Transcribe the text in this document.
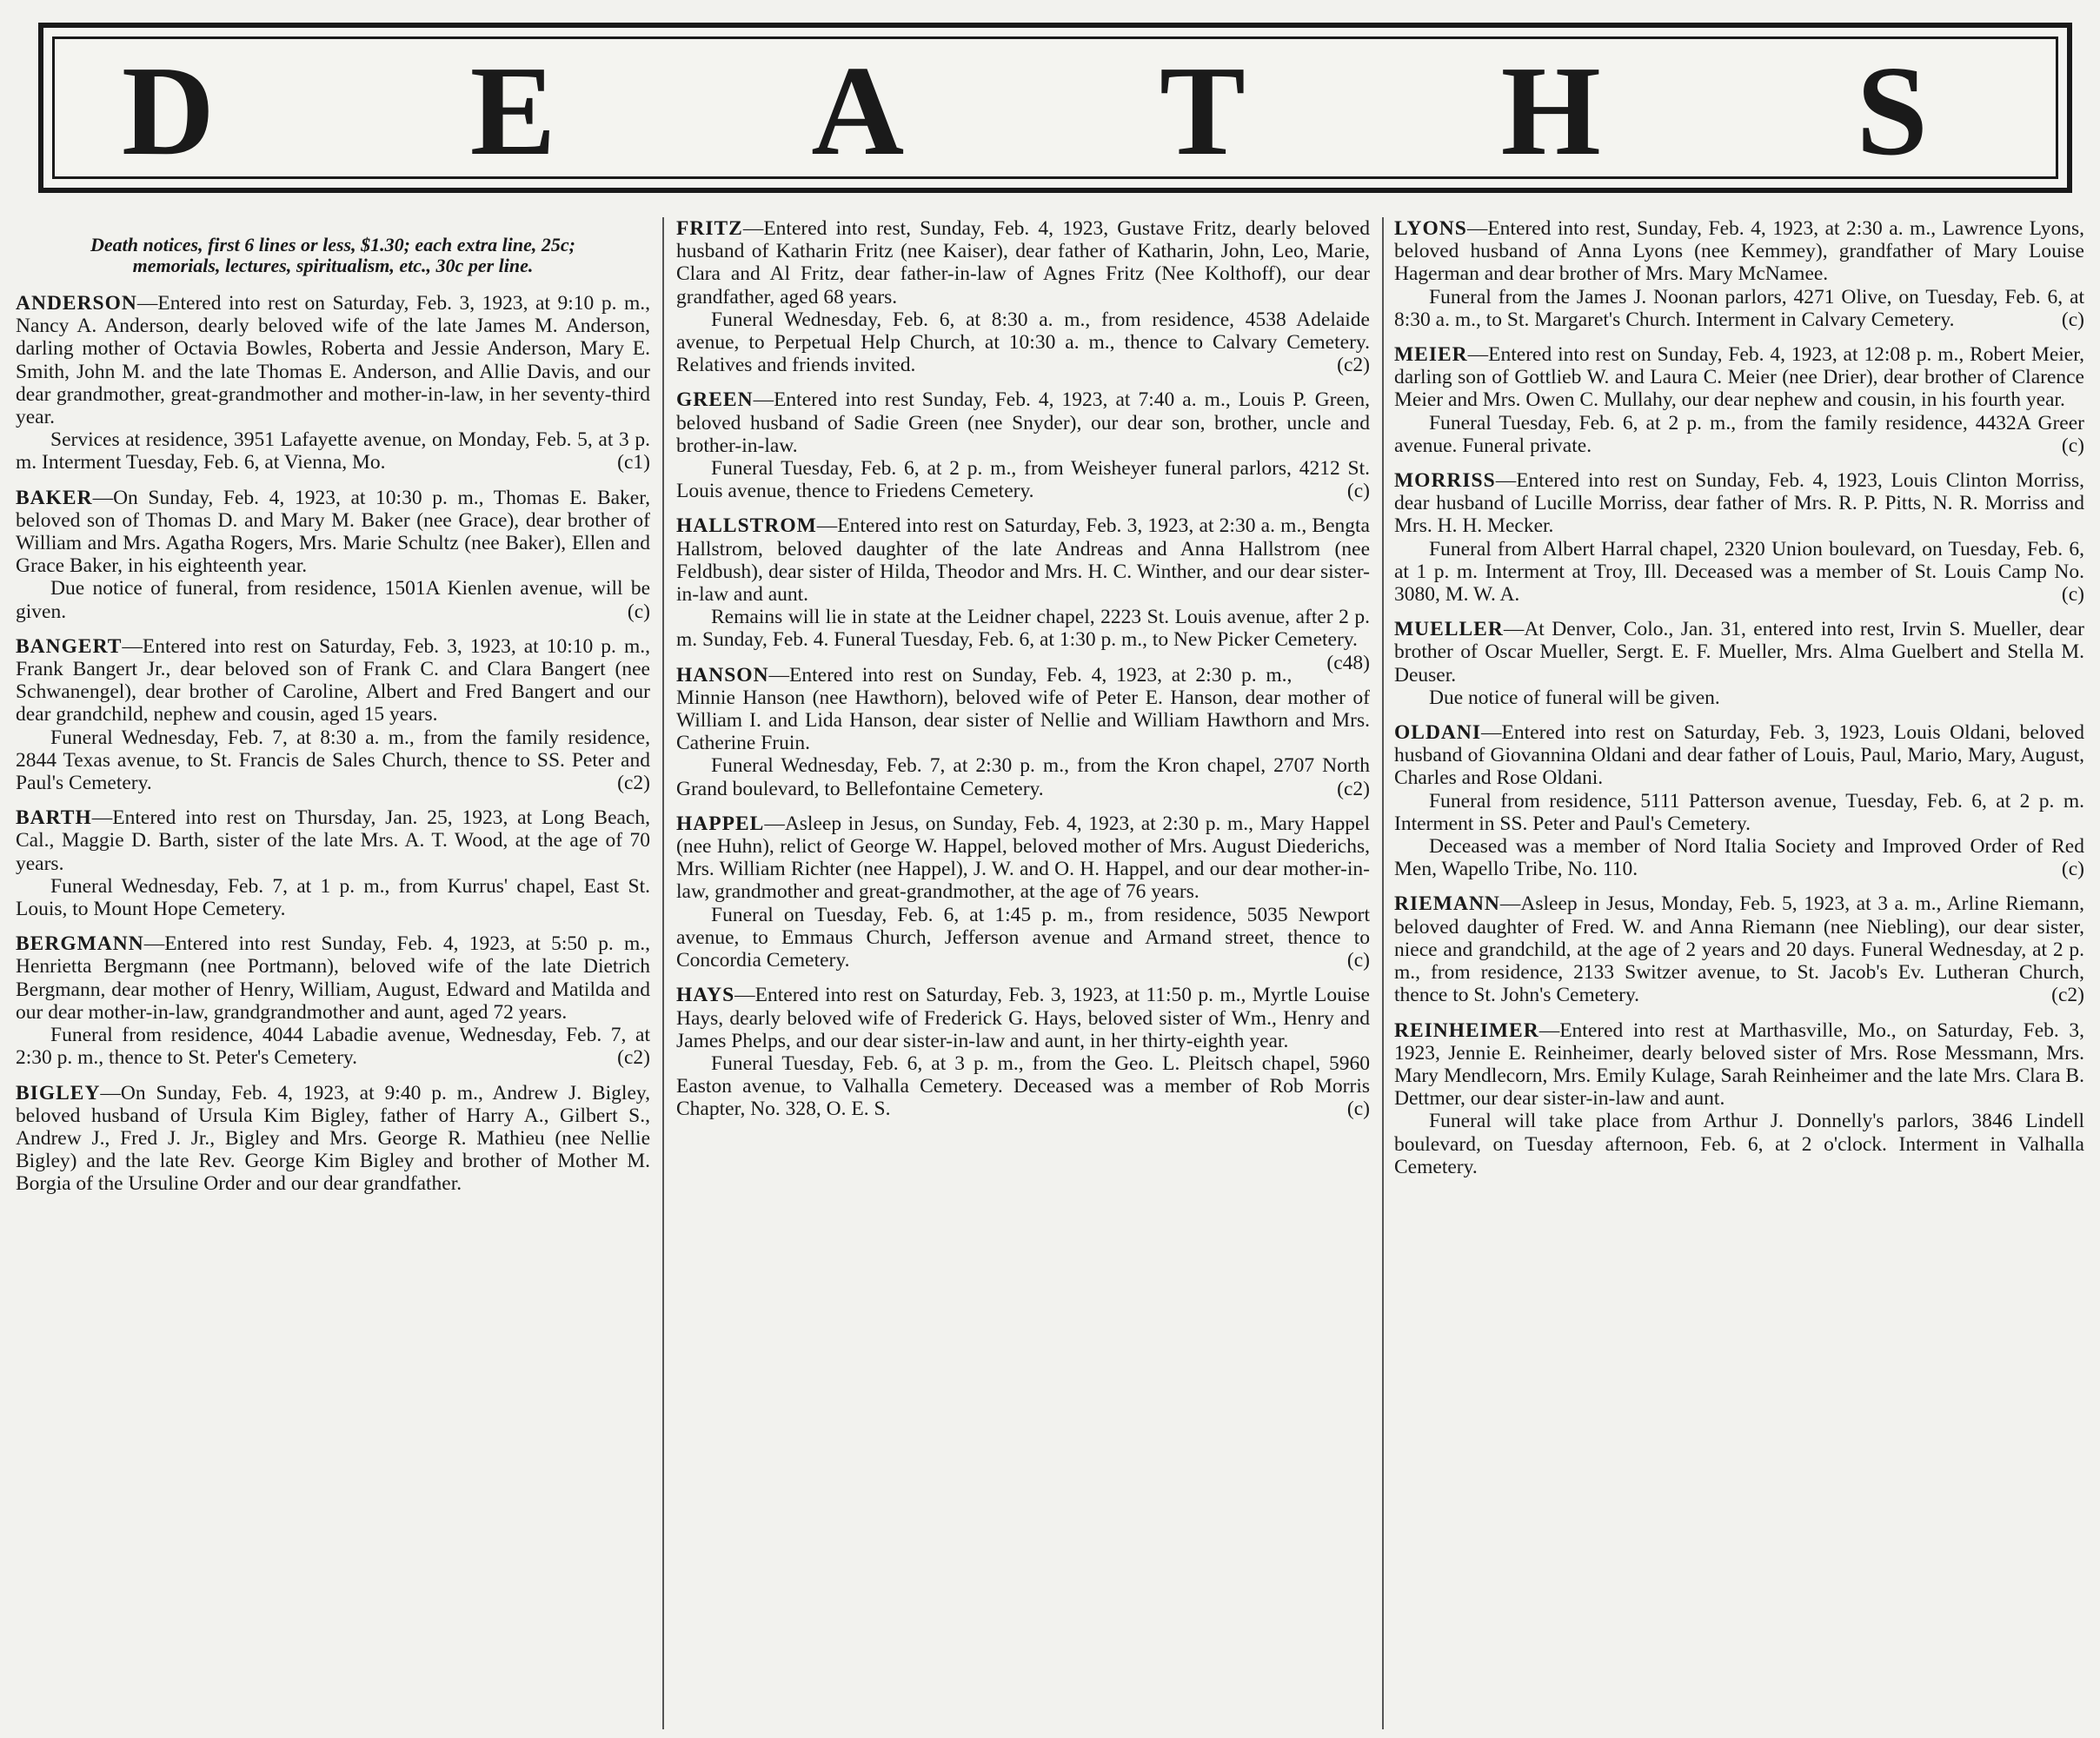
D E A T H S

Death notices, first 6 lines or less, $1.30; each extra line, 25c; memorials, lectures, spiritualism, etc., 30c per line.

ANDERSON—Entered into rest on Saturday, Feb. 3, 1923, at 9:10 p. m., Nancy A. Anderson, dearly beloved wife of the late James M. Anderson, darling mother of Octavia Bowles, Roberta and Jessie Anderson, Mary E. Smith, John M. and the late Thomas E. Anderson, and Allie Davis, and our dear grandmother, great-grandmother and mother-in-law, in her seventy-third year.

Services at residence, 3951 Lafayette avenue, on Monday, Feb. 5, at 3 p. m. Interment Tuesday, Feb. 6, at Vienna, Mo.	(c1)

BAKER—On Sunday, Feb. 4, 1923, at 10:30 p. m., Thomas E. Baker, beloved son of Thomas D. and Mary M. Baker (nee Grace), dear brother of William and Mrs. Agatha Rogers, Mrs. Marie Schultz (nee Baker), Ellen and Grace Baker, in his eighteenth year.

Due notice of funeral, from residence, 1501A Kienlen avenue, will be given.	(c)

BANGERT—Entered into rest on Saturday, Feb. 3, 1923, at 10:10 p. m., Frank Bangert Jr., dear beloved son of Frank C. and Clara Bangert (nee Schwanengel), dear brother of Caroline, Albert and Fred Bangert and our dear grandchild, nephew and cousin, aged 15 years.

Funeral Wednesday, Feb. 7, at 8:30 a. m., from the family residence, 2844 Texas avenue, to St. Francis de Sales Church, thence to SS. Peter and Paul's Cemetery.	(c2)

BARTH—Entered into rest on Thursday, Jan. 25, 1923, at Long Beach, Cal., Maggie D. Barth, sister of the late Mrs. A. T. Wood, at the age of 70 years.

Funeral Wednesday, Feb. 7, at 1 p. m., from Kurrus' chapel, East St. Louis, to Mount Hope Cemetery.

BERGMANN—Entered into rest Sunday, Feb. 4, 1923, at 5:50 p. m., Henrietta Bergmann (nee Portmann), beloved wife of the late Dietrich Bergmann, dear mother of Henry, William, August, Edward and Matilda and our dear mother-in-law, grandgrandmother and aunt, aged 72 years.

Funeral from residence, 4044 Labadie avenue, Wednesday, Feb. 7, at 2:30 p. m., thence to St. Peter's Cemetery.	(c2)

BIGLEY—On Sunday, Feb. 4, 1923, at 9:40 p. m., Andrew J. Bigley, beloved husband of Ursula Kim Bigley, father of Harry A., Gilbert S., Andrew J., Fred J. Jr., Bigley and Mrs. George R. Mathieu (nee Nellie Bigley) and the late Rev. George Kim Bigley and brother of Mother M. Borgia of the Ursuline Order and our dear grandfather.

FRITZ—Entered into rest, Sunday, Feb. 4, 1923, Gustave Fritz, dearly beloved husband of Katharin Fritz (nee Kaiser), dear father of Katharin, John, Leo, Marie, Clara and Al Fritz, dear father-in-law of Agnes Fritz (Nee Kolthoff), our dear grandfather, aged 68 years.

Funeral Wednesday, Feb. 6, at 8:30 a. m., from residence, 4538 Adelaide avenue, to Perpetual Help Church, at 10:30 a. m., thence to Calvary Cemetery. Relatives and friends invited.	(c2)

GREEN—Entered into rest Sunday, Feb. 4, 1923, at 7:40 a. m., Louis P. Green, beloved husband of Sadie Green (nee Snyder), our dear son, brother, uncle and brother-in-law.

Funeral Tuesday, Feb. 6, at 2 p. m., from Weisheyer funeral parlors, 4212 St. Louis avenue, thence to Friedens Cemetery.	(c)

HALLSTROM—Entered into rest on Saturday, Feb. 3, 1923, at 2:30 a. m., Bengta Hallstrom, beloved daughter of the late Andreas and Anna Hallstrom (nee Feldbush), dear sister of Hilda, Theodor and Mrs. H. C. Winther, and our dear sister-in-law and aunt.

Remains will lie in state at the Leidner chapel, 2223 St. Louis avenue, after 2 p. m. Sunday, Feb. 4. Funeral Tuesday, Feb. 6, at 1:30 p. m., to New Picker Cemetery.
(c48)

HANSON—Entered into rest on Sunday, Feb. 4, 1923, at 2:30 p. m., Minnie Hanson (nee Hawthorn), beloved wife of Peter E. Hanson, dear mother of William I. and Lida Hanson, dear sister of Nellie and William Hawthorn and Mrs. Catherine Fruin.

Funeral Wednesday, Feb. 7, at 2:30 p. m., from the Kron chapel, 2707 North Grand boulevard, to Bellefontaine Cemetery.	(c2)

HAPPEL—Asleep in Jesus, on Sunday, Feb. 4, 1923, at 2:30 p. m., Mary Happel (nee Huhn), relict of George W. Happel, beloved mother of Mrs. August Diederichs, Mrs. William Richter (nee Happel), J. W. and O. H. Happel, and our dear mother-in-law, grandmother and great-grandmother, at the age of 76 years.

Funeral on Tuesday, Feb. 6, at 1:45 p. m., from residence, 5035 Newport avenue, to Emmaus Church, Jefferson avenue and Armand street, thence to Concordia Cemetery.	(c)

HAYS—Entered into rest on Saturday, Feb. 3, 1923, at 11:50 p. m., Myrtle Louise Hays, dearly beloved wife of Frederick G. Hays, beloved sister of Wm., Henry and James Phelps, and our dear sister-in-law and aunt, in her thirty-eighth year.

Funeral Tuesday, Feb. 6, at 3 p. m., from the Geo. L. Pleitsch chapel, 5960 Easton avenue, to Valhalla Cemetery. Deceased was a member of Rob Morris Chapter, No. 328, O. E. S.	(c)

LYONS—Entered into rest, Sunday, Feb. 4, 1923, at 2:30 a. m., Lawrence Lyons, beloved husband of Anna Lyons (nee Kemmey), grandfather of Mary Louise Hagerman and dear brother of Mrs. Mary McNamee.

Funeral from the James J. Noonan parlors, 4271 Olive, on Tuesday, Feb. 6, at 8:30 a. m., to St. Margaret's Church. Interment in Calvary Cemetery.	(c)

MEIER—Entered into rest on Sunday, Feb. 4, 1923, at 12:08 p. m., Robert Meier, darling son of Gottlieb W. and Laura C. Meier (nee Drier), dear brother of Clarence Meier and Mrs. Owen C. Mullahy, our dear nephew and cousin, in his fourth year.

Funeral Tuesday, Feb. 6, at 2 p. m., from the family residence, 4432A Greer avenue. Funeral private.	(c)

MORRISS—Entered into rest on Sunday, Feb. 4, 1923, Louis Clinton Morriss, dear husband of Lucille Morriss, dear father of Mrs. R. P. Pitts, N. R. Morriss and Mrs. H. H. Mecker.

Funeral from Albert Harral chapel, 2320 Union boulevard, on Tuesday, Feb. 6, at 1 p. m. Interment at Troy, Ill. Deceased was a member of St. Louis Camp No. 3080, M. W. A.	(c)

MUELLER—At Denver, Colo., Jan. 31, entered into rest, Irvin S. Mueller, dear brother of Oscar Mueller, Sergt. E. F. Mueller, Mrs. Alma Guelbert and Stella M. Deuser.

Due notice of funeral will be given.

OLDANI—Entered into rest on Saturday, Feb. 3, 1923, Louis Oldani, beloved husband of Giovannina Oldani and dear father of Louis, Paul, Mario, Mary, August, Charles and Rose Oldani.

Funeral from residence, 5111 Patterson avenue, Tuesday, Feb. 6, at 2 p. m. Interment in SS. Peter and Paul's Cemetery.

Deceased was a member of Nord Italia Society and Improved Order of Red Men, Wapello Tribe, No. 110.	(c)

RIEMANN—Asleep in Jesus, Monday, Feb. 5, 1923, at 3 a. m., Arline Riemann, beloved daughter of Fred. W. and Anna Riemann (nee Niebling), our dear sister, niece and grandchild, at the age of 2 years and 20 days. Funeral Wednesday, at 2 p. m., from residence, 2133 Switzer avenue, to St. Jacob's Ev. Lutheran Church, thence to St. John's Cemetery.	(c2)

REINHEIMER—Entered into rest at Marthasville, Mo., on Saturday, Feb. 3, 1923, Jennie E. Reinheimer, dearly beloved sister of Mrs. Rose Messmann, Mrs. Mary Mendlecorn, Mrs. Emily Kulage, Sarah Reinheimer and the late Mrs. Clara B. Dettmer, our dear sister-in-law and aunt.

Funeral will take place from Arthur J. Donnelly's parlors, 3846 Lindell boulevard, on Tuesday afternoon, Feb. 6, at 2 o'clock. Interment in Valhalla Cemetery.
